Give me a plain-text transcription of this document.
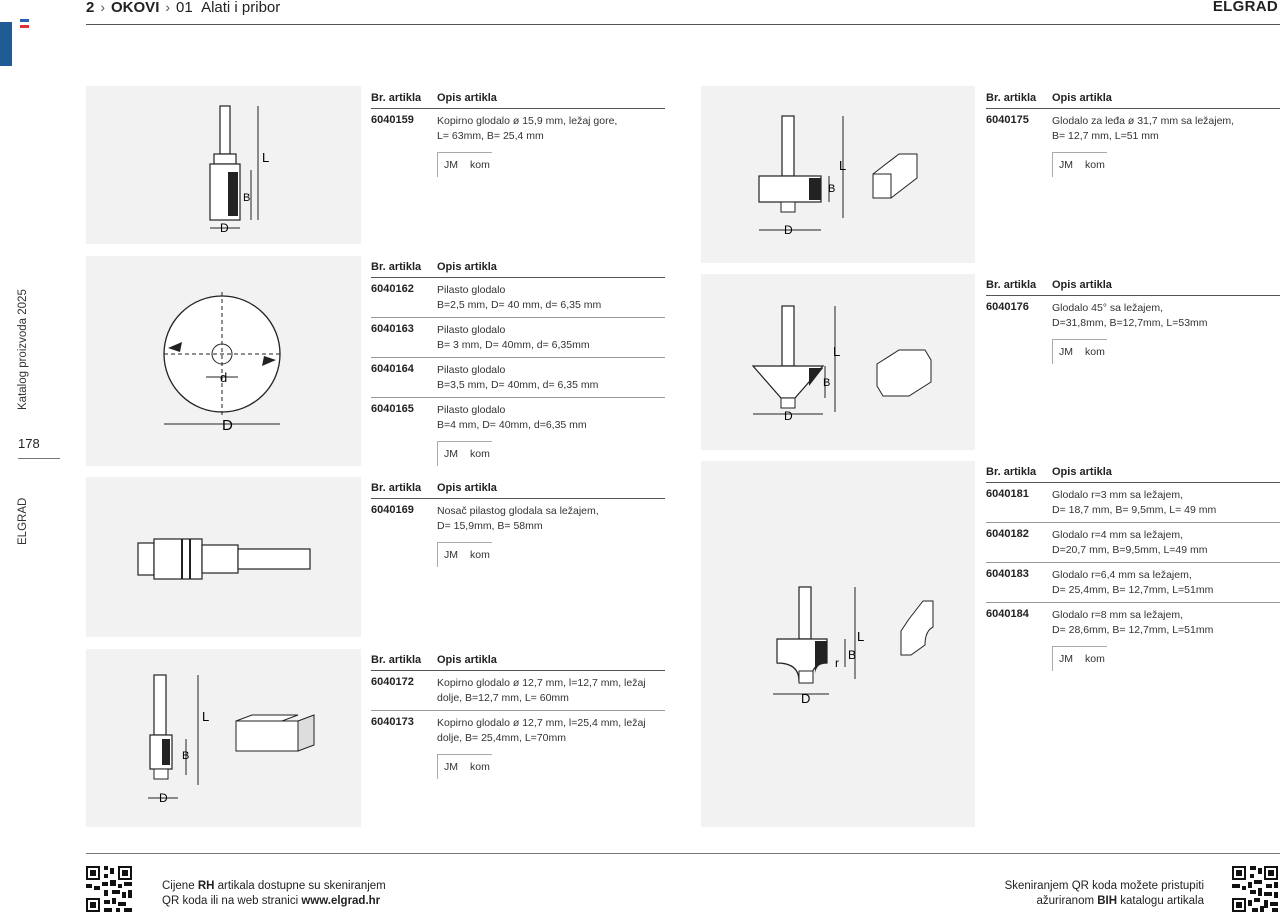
2 › OKOVI › 01
Alati i pribor	ELGRAD
Katalog proizvoda 2025
178
ELGRAD
L
B
D
Br. artikla	Opis artikla
6040159	Kopirno glodalo ø 15,9 mm, ležaj gore,
L= 63mm, B= 25,4 mm
JM kom
d
D
Br. artikla	Opis artikla
6040162	Pilasto glodalo
B=2,5 mm, D= 40 mm, d= 6,35 mm
6040163	Pilasto glodalo
B= 3 mm, D= 40mm, d= 6,35mm
6040164	Pilasto glodalo
B=3,5 mm, D= 40mm, d= 6,35 mm
6040165	Pilasto glodalo
B=4 mm, D= 40mm, d=6,35 mm
JM kom
Br. artikla	Opis artikla
6040169	Nosač pilastog glodala sa ležajem,
D= 15,9mm, B= 58mm
JM kom
L
B
D
Br. artikla	Opis artikla
6040172	Kopirno glodalo ø 12,7 mm, l=12,7 mm, ležaj
dolje, B=12,7 mm, L= 60mm
6040173	Kopirno glodalo ø 12,7 mm, l=25,4 mm, ležaj
dolje, B= 25,4mm, L=70mm
JM kom
L
B
D
Br. artikla	Opis artikla
6040175	Glodalo za leđa ø 31,7 mm sa ležajem,
B= 12,7 mm, L=51 mm
JM kom
L
B
D
Br. artikla	Opis artikla
6040176	Glodalo 45° sa ležajem,
D=31,8mm, B=12,7mm, L=53mm
JM kom
L
B
r
D
Br. artikla	Opis artikla
6040181	Glodalo r=3 mm sa ležajem,
D= 18,7 mm, B= 9,5mm, L= 49 mm
6040182	Glodalo r=4 mm sa ležajem,
D=20,7 mm, B=9,5mm, L=49 mm
6040183	Glodalo r=6,4 mm sa ležajem,
D= 25,4mm, B= 12,7mm, L=51mm
6040184	Glodalo r=8 mm sa ležajem,
D= 28,6mm, B= 12,7mm, L=51mm
JM kom
Cijene RH artikala dostupne su skeniranjem
QR koda ili na web stranici www.elgrad.hr
Skeniranjem QR koda možete pristupiti
ažuriranom BIH katalogu artikala
